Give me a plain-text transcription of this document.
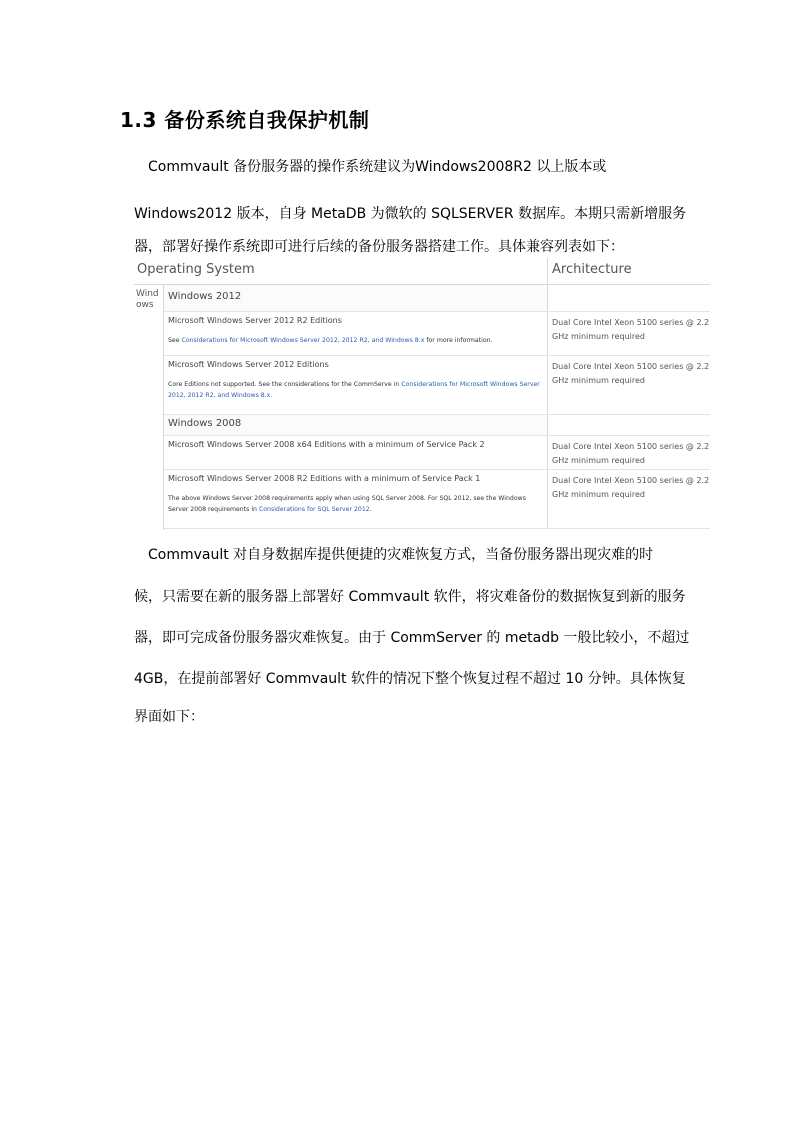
1.3 备份系统自我保护机制
Commvault 备份服务器的操作系统建议为Windows2008R2 以上版本或
Windows2012 版本，自身 MetaDB 为微软的 SQLSERVER 数据库。本期只需新增服务
器，部署好操作系统即可进行后续的备份服务器搭建工作。具体兼容列表如下：
Operating System	Architecture
Windows
Windows 2012
Microsoft Windows Server 2012 R2 Editions
See Considerations for Microsoft Windows Server 2012, 2012 R2, and Windows 8.x for more information.
Dual Core Intel Xeon 5100 series @ 2.2 GHz minimum required
Microsoft Windows Server 2012 Editions
Core Editions not supported. See the considerations for the CommServe in Considerations for Microsoft Windows Server 2012, 2012 R2, and Windows 8.x.
Dual Core Intel Xeon 5100 series @ 2.2 GHz minimum required
Windows 2008
Microsoft Windows Server 2008 x64 Editions with a minimum of Service Pack 2	Dual Core Intel Xeon 5100 series @ 2.2 GHz minimum required
Microsoft Windows Server 2008 R2 Editions with a minimum of Service Pack 1
The above Windows Server 2008 requirements apply when using SQL Server 2008. For SQL 2012, see the Windows Server 2008 requirements in Considerations for SQL Server 2012.
Dual Core Intel Xeon 5100 series @ 2.2 GHz minimum required
Commvault 对自身数据库提供便捷的灾难恢复方式，当备份服务器出现灾难的时
候，只需要在新的服务器上部署好 Commvault 软件，将灾难备份的数据恢复到新的服务
器，即可完成备份服务器灾难恢复。由于 CommServer 的 metadb 一般比较小，不超过
4GB，在提前部署好 Commvault 软件的情况下整个恢复过程不超过 10 分钟。具体恢复
界面如下：
